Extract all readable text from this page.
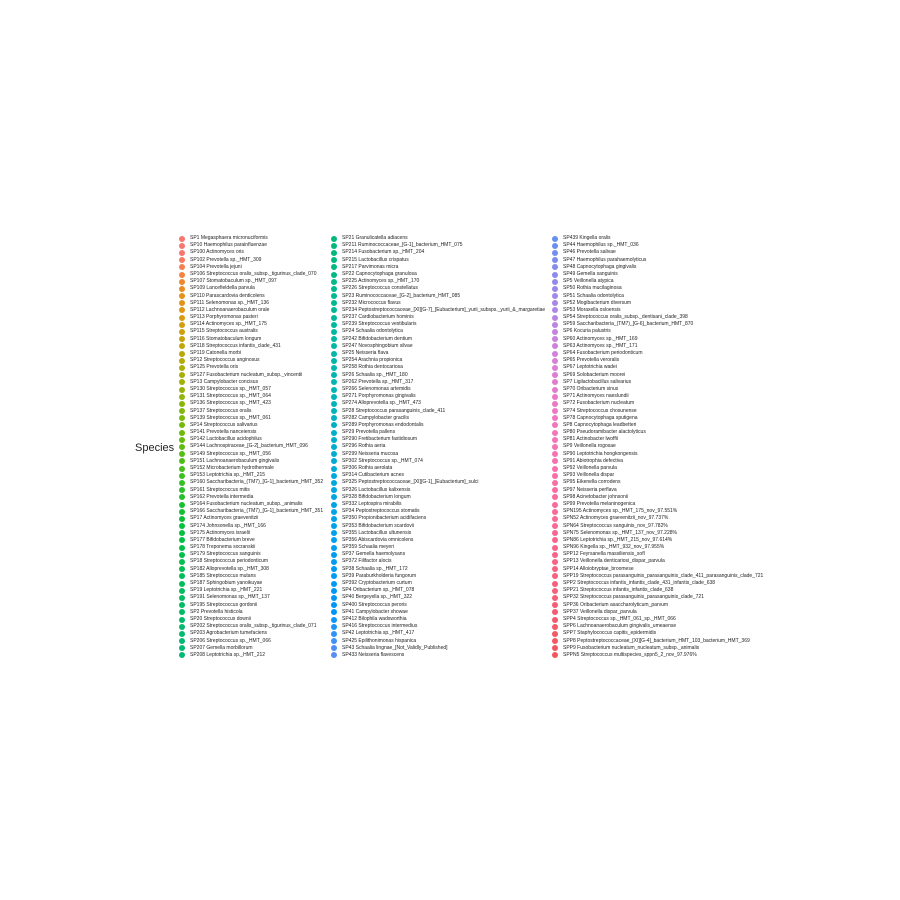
Species
SP1 Megasphaera micronuciformis
SP10 Haemophilus parainfluenzae
SP100 Actinomyces oris
SP102 Prevotella sp._HMT_309
SP104 Prevotella jejuni
SP106 Streptococcus oralis_subsp._tigurinus_clade_070
SP107 Stomatobaculum sp._HMT_097
SP109 Lancefieldella parvula
SP110 Parascardovia denticolens
SP111 Selenomonas sp._HMT_136
SP112 Lachnoanaerobaculum orale
SP113 Porphyromonas pasteri
SP114 Actinomyces sp._HMT_175
SP115 Streptococcus australis
SP116 Stomatobaculum longum
SP118 Streptococcus infantis_clade_431
SP119 Catonella morbi
SP12 Streptococcus anginosus
SP125 Prevotella oris
SP127 Fusobacterium nucleatum_subsp._vincentii
SP13 Campylobacter concisus
SP130 Streptococcus sp._HMT_057
SP131 Streptococcus sp._HMT_064
SP136 Streptococcus sp._HMT_423
SP137 Streptococcus oralis
SP139 Streptococcus sp._HMT_061
SP14 Streptococcus salivarius
SP141 Prevotella nanceiensis
SP142 Lactobacillus acidophilus
SP144 Lachnospiraceae_[G-2]_bacterium_HMT_096
SP149 Streptococcus sp._HMT_056
SP151 Lachnoanaerobaculum gingivalis
SP152 Microbacterium hydrothermale
SP153 Leptotrichia sp._HMT_215
SP160 Saccharibacteria_(TM7)_[G-1]_bacterium_HMT_352
SP161 Streptococcus mitis
SP162 Prevotella intermedia
SP164 Fusobacterium nucleatum_subsp._animalis
SP166 Saccharibacteria_(TM7)_[G-1]_bacterium_HMT_351
SP17 Actinomyces graevenitzii
SP174 Johnsonella sp._HMT_166
SP175 Actinomyces israelii
SP177 Bifidobacterium breve
SP178 Treponema socranskii
SP179 Streptococcus sanguinis
SP18 Streptococcus periodonticum
SP182 Alloprevotella sp._HMT_308
SP185 Streptococcus mutans
SP187 Sphingobium yanoikuyae
SP19 Leptotrichia sp._HMT_221
SP191 Selenomonas sp._HMT_137
SP195 Streptococcus gordonii
SP2 Prevotella histicola
SP20 Streptococcus downii
SP202 Streptococcus oralis_subsp._tigurinus_clade_071
SP203 Agrobacterium tumefaciens
SP206 Streptococcus sp._HMT_066
SP207 Gemella morbillorum
SP208 Leptotrichia sp._HMT_212
SP21 Granulicatella adiacens
SP211 Ruminococcaceae_[G-1]_bacterium_HMT_075
SP214 Fusobacterium sp._HMT_204
SP215 Lactobacillus crispatus
SP217 Parvimonas micra
SP22 Capnocytophaga granulosa
SP225 Actinomyces sp._HMT_170
SP226 Streptococcus constellatus
SP23 Ruminococcaceae_[G-2]_bacterium_HMT_085
SP232 Micrococcus flavus
SP234 Peptostreptococcaceae_[XI][G-7]_[Eubacterium]_yurii_subsps._yurii_&_margaretiae
SP237 Cardiobacterium hominis
SP239 Streptococcus vestibularis
SP24 Schaalia odontolytica
SP242 Bifidobacterium dentium
SP247 Novosphingobium silvae
SP25 Neisseria flava
SP254 Arachnia propionica
SP258 Rothia dentocariosa
SP26 Schaalia sp._HMT_180
SP262 Prevotella sp._HMT_317
SP266 Selenomonas artemidis
SP271 Porphyromonas gingivalis
SP274 Alloprevotella sp._HMT_473
SP28 Streptococcus parasanguinis_clade_411
SP282 Campylobacter gracilis
SP289 Porphyromonas endodontalis
SP29 Prevotella pallens
SP290 Fretibacterium fastidiosum
SP296 Rothia aeria
SP299 Neisseria mucosa
SP302 Streptococcus sp._HMT_074
SP306 Rothia aerolata
SP314 Cutibacterium acnes
SP325 Peptostreptococcaceae_[XI][G-1]_[Eubacterium]_sulci
SP326 Lactobacillus kalixensis
SP328 Bifidobacterium longum
SP332 Leptospira mirabilis
SP34 Peptostreptococcus stomatis
SP350 Propionibacterium acidifaciens
SP353 Bifidobacterium scardovii
SP355 Lactobacillus ultunensis
SP356 Abiscardovia omnicolens
SP359 Schaalia meyeri
SP37 Gemella haemolysans
SP372 Filifactor alocis
SP38 Schaalia sp._HMT_172
SP39 Paraburkholderia fungorum
SP392 Cryptobacterium curtum
SP4 Oribacterium sp._HMT_078
SP40 Bergeyella sp._HMT_322
SP400 Streptococcus peroris
SP41 Campylobacter showae
SP412 Bilophila wadsworthia
SP416 Streptococcus intermedius
SP42 Leptotrichia sp._HMT_417
SP425 Epilithonimonas hispanica
SP43 Schaalia lingnae_[Not_Validly_Published]
SP433 Neisseria flavescens
SP439 Kingella oralis
SP44 Haemophilus sp._HMT_036
SP46 Prevotella salivae
SP47 Haemophilus parahaemolyticus
SP48 Capnocytophaga gingivalis
SP49 Gemella sanguinis
SP5 Veillonella atypica
SP50 Rothia mucilaginosa
SP51 Schaalia odontolytica
SP52 Mogibacterium diversum
SP53 Moraxella osloensis
SP54 Streptococcus oralis_subsp._dentisani_clade_398
SP59 Saccharibacteria_(TM7)_[G-6]_bacterium_HMT_870
SP6 Kocuria palustris
SP60 Actinomyces sp._HMT_169
SP63 Actinomyces sp._HMT_171
SP64 Fusobacterium periodonticum
SP65 Prevotella veroralis
SP67 Leptotrichia wadei
SP69 Solobacterium moorei
SP7 Ligilactobacillus salivarius
SP70 Oribacterium sinus
SP71 Actinomyces naeslundii
SP72 Fusobacterium nucleatum
SP74 Streptococcus chosunense
SP78 Capnocytophaga sputigena
SP8 Capnocytophaga leadbetteri
SP80 Pseudoramibacter alactolyticus
SP81 Actinobacter lwoffii
SP9 Veillonella rogosae
SP90 Leptotrichia hongkongensis
SP91 Abiotrophia defectiva
SP92 Veillonella parvula
SP93 Veillonella dispar
SP95 Eikenella corrodens
SP97 Neisseria perflava
SP98 Acinetobacter johnsonii
SP99 Prevotella melaninogenica
SPN195 Actinomyces sp._HMT_175_nov_97.551%
SPN52 Actinomyces graevenitzii_nov_97.737%
SPN64 Streptococcus sanguinis_nov_97.782%
SPN75 Selenomonas sp._HMT_137_nov_97.228%
SPN86 Leptotrichia sp._HMT_215_nov_97.614%
SPN96 Kingella sp._HMT_932_nov_97.955%
SPP12 Feyrsanella massiliensis_sofl
SPP13 Veillonella denticariosi_dispar_parvula
SPP14 Alloiobryptae_broomese
SPP19 Streptococcus parasanguinis_parasanguinis_clade_411_parasanguinis_clade_721
SPP2 Streptococcus infantis_infantis_clade_431_infantis_clade_638
SPP21 Streptococcus infantis_infantis_clade_638
SPP32 Streptococcus parasanguinis_parasanguinis_clade_721
SPP36 Oribacterium asaccharolyticum_parvum
SPP37 Veillonella dispar_parvula
SPP4 Streptococcus sp._HMT_061_sp._HMT_066
SPP6 Lachnoanaerobaculum gingivalis_umeaense
SPP7 Staphylococcus capitis_epidermidis
SPP8 Peptostreptococcaceae_[XI][G-4]_bacterium_HMT_103_bacterium_HMT_369
SPP9 Fusobacterium nucleatum_nucleatum_subsp._animalis
SPPN5 Streptococcus multispecies_sppn5_2_nov_97.976%
